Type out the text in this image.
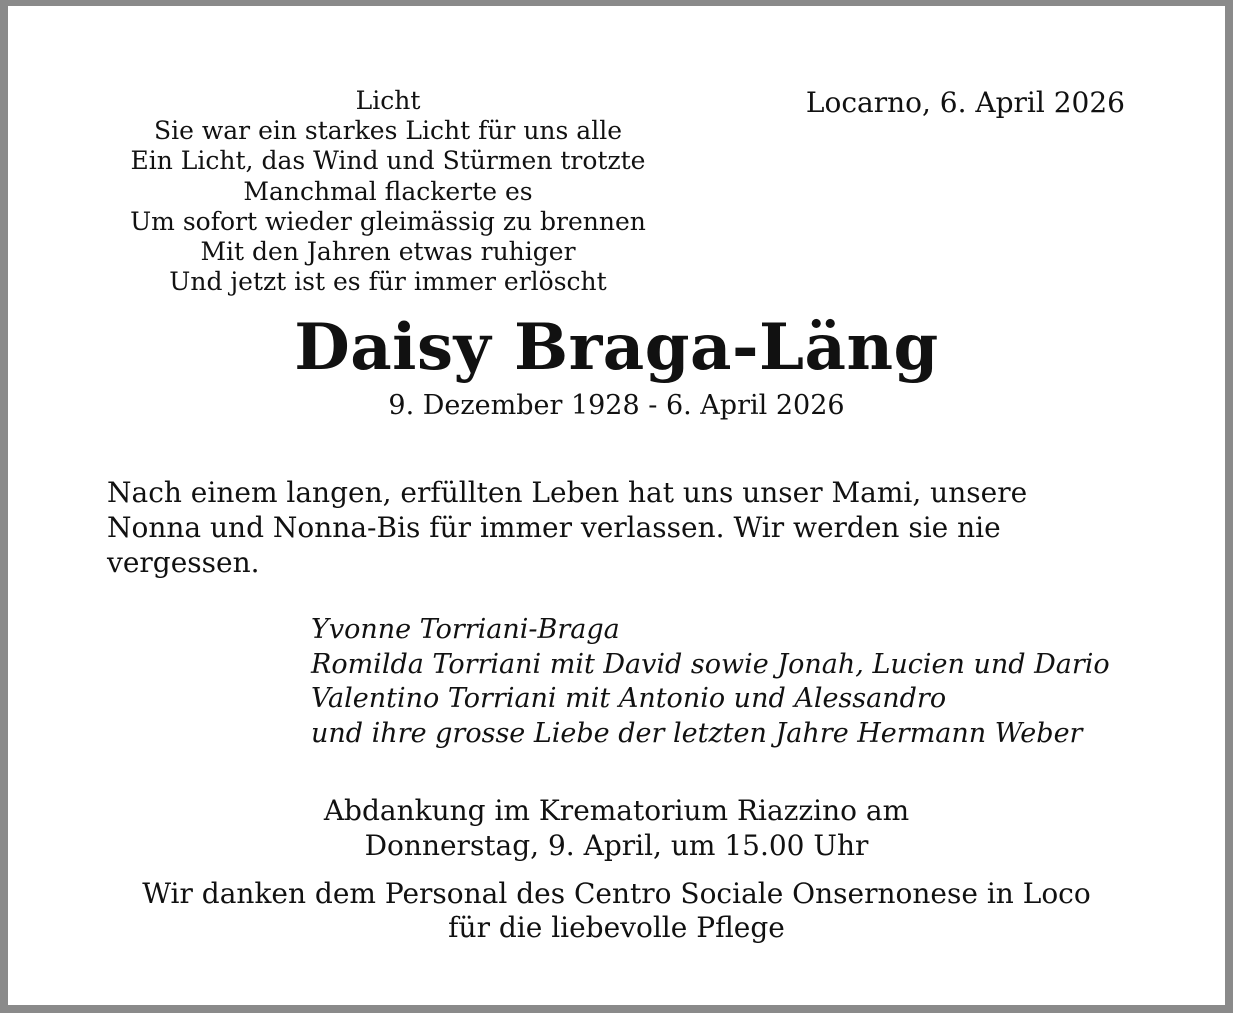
Licht
Sie war ein starkes Licht für uns alle
Ein Licht, das Wind und Stürmen trotzte
Manchmal flackerte es
Um sofort wieder gleimässig zu brennen
Mit den Jahren etwas ruhiger
Und jetzt ist es für immer erlöscht
Locarno, 6. April 2026
Daisy Braga-Läng
9. Dezember 1928 - 6. April 2026
Nach einem langen, erfüllten Leben hat uns unser Mami, unsere
Nonna und Nonna-Bis für immer verlassen. Wir werden sie nie
vergessen.
Yvonne Torriani-Braga
Romilda Torriani mit David sowie Jonah, Lucien und Dario
Valentino Torriani mit Antonio und Alessandro
und ihre grosse Liebe der letzten Jahre Hermann Weber
Abdankung im Krematorium Riazzino am
Donnerstag, 9. April, um 15.00 Uhr
Wir danken dem Personal des Centro Sociale Onsernonese in Loco
für die liebevolle Pflege
